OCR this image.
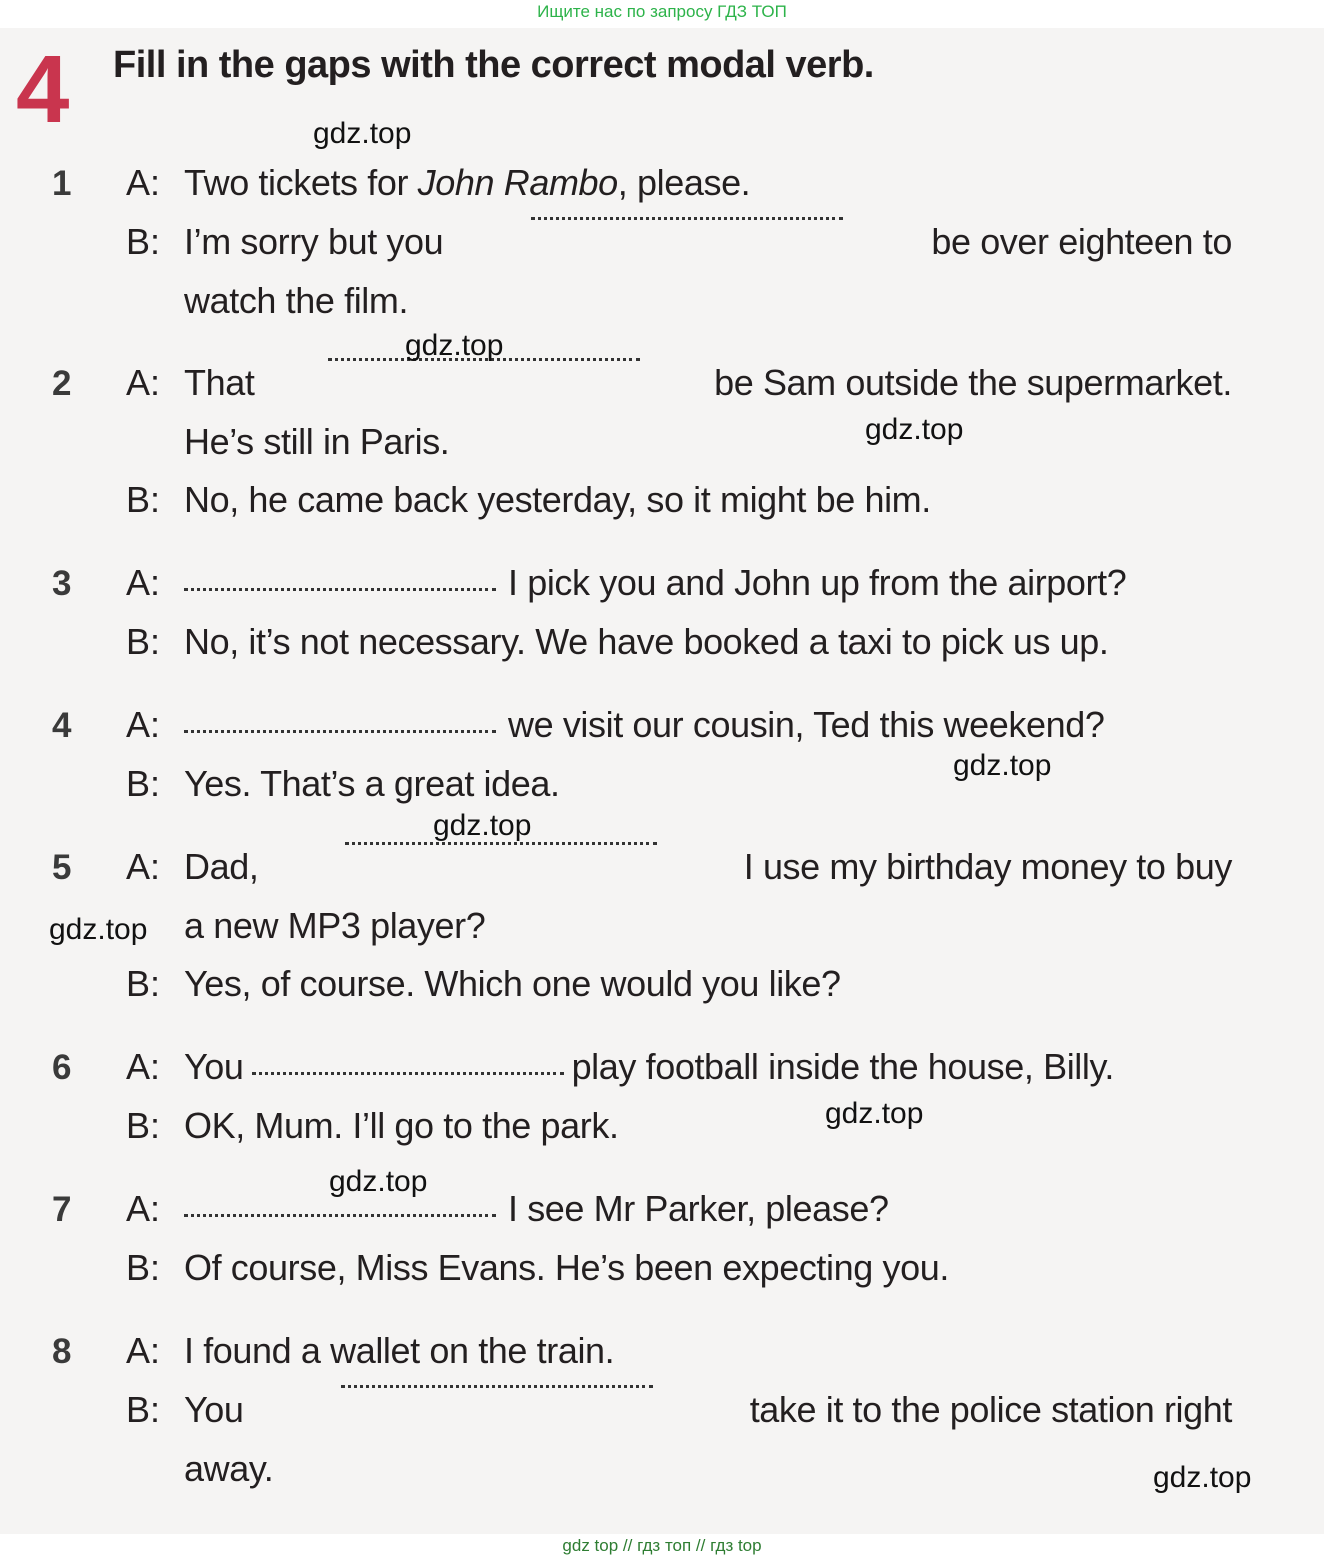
Ищите нас по запросу ГДЗ ТОП
4 Fill in the gaps with the correct modal verb.
1 A: Two tickets for John Rambo, please.
B: I’m sorry but you	be over eighteen to
watch the film.
2 A: That	be Sam outside the supermarket.
He’s still in Paris.
B: No, he came back yesterday, so it might be him.
3 A:	I pick you and John up from the airport?
B: No, it’s not necessary. We have booked a taxi to pick us up.
4 A:	we visit our cousin, Ted this weekend?
B: Yes. That’s a great idea.
5 A: Dad,	I use my birthday money to buy
a new MP3 player?
B: Yes, of course. Which one would you like?
6 A: You	play football inside the house, Billy.
B: OK, Mum. I’ll go to the park.
7 A:	I see Mr Parker, please?
B: Of course, Miss Evans. He’s been expecting you.
8 A: I found a wallet on the train.
B: You	take it to the police station right
away.
gdz.top
gdz.top
gdz.top
gdz.top
gdz.top
gdz.top
gdz.top
gdz.top
gdz.top
gdz top // гдз топ // гдз top
